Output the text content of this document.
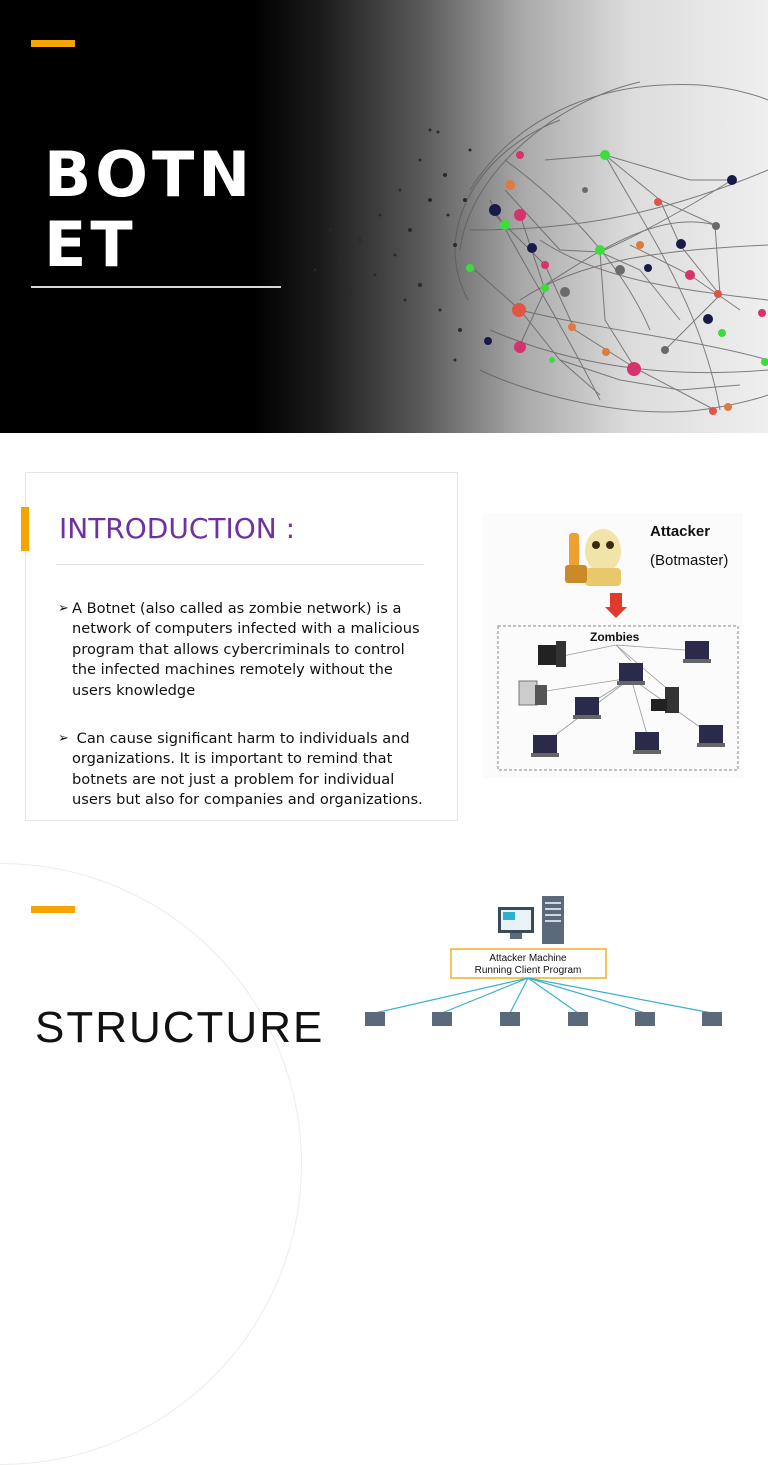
BOTN
ET
INTRODUCTION :
➢ A Botnet (also called as zombie network) is a network of computers infected with a malicious program that allows cybercriminals to control the infected machines remotely without the users knowledge
➢ Can cause significant harm to individuals and organizations. It is important to remind that botnets are not just a problem for individual users but also for companies and organizations.
Attacker
(Botmaster)
Zombies
STRUCTURE
Attacker Machine
Running Client Program
